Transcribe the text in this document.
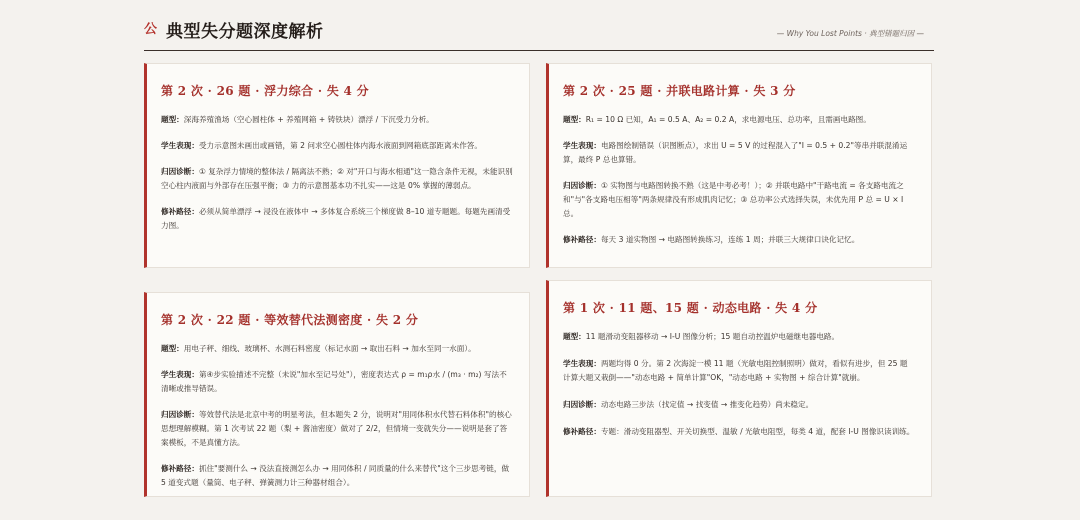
公 典型失分题深度解析	— Why You Lost Points · 典型错题归因 —
第 2 次 · 26 题 · 浮力综合 · 失 4 分
题型：深海养殖渔场（空心圆柱体 + 养殖网箱 + 铸铁块）漂浮 / 下沉受力分析。
学生表现：受力示意图未画出或画错，第 2 问求空心圆柱体内海水液面到网箱底部距离未作答。
归因诊断：① 复杂浮力情境的整体法 / 隔离法不熟；② 对"开口与海水相通"这一隐含条件无视，未能识别空心柱内液面与外部存在压强平衡；③ 力的示意图基本功不扎实——这是 0% 掌握的薄弱点。
修补路径：必须从简单漂浮 → 浸没在液体中 → 多体复合系统三个梯度做 8–10 道专题题。每题先画清受力图。
第 2 次 · 25 题 · 并联电路计算 · 失 3 分
题型：R₁ = 10 Ω 已知，A₁ = 0.5 A、A₂ = 0.2 A，求电源电压、总功率，且需画电路图。
学生表现：电路图绘制错误（识图断点），求出 U = 5 V 的过程混入了"I = 0.5 + 0.2"等串并联混淆运算，最终 P 总也算错。
归因诊断：① 实物图与电路图转换不熟（这是中考必考！）；② 并联电路中"干路电流 = 各支路电流之和"与"各支路电压相等"两条规律没有形成肌肉记忆；③ 总功率公式选择失误，未优先用 P 总 = U × I 总。
修补路径：每天 3 道实物图 → 电路图转换练习，连练 1 周；并联三大规律口诀化记忆。
第 2 次 · 22 题 · 等效替代法测密度 · 失 2 分
题型：用电子秤、细线、玻璃杯、水测石料密度（标记水面 → 取出石料 → 加水至同一水面）。
学生表现：第④步实验描述不完整（未说"加水至记号处"），密度表达式 ρ = m₁ρ水 / (m₃ · m₂) 写法不清晰或推导错误。
归因诊断：等效替代法是北京中考的明星考法，但本题失 2 分，说明对"用同体积水代替石料体积"的核心思想理解模糊。第 1 次考试 22 题（梨 + 酱油密度）做对了 2/2，但情境一变就失分——说明是套了答案模板，不是真懂方法。
修补路径：抓住"要测什么 → 没法直接测怎么办 → 用同体积 / 同质量的什么来替代"这个三步思考链，做 5 道变式题（量筒、电子秤、弹簧测力计三种器材组合）。
第 1 次 · 11 题、15 题 · 动态电路 · 失 4 分
题型：11 题滑动变阻器移动 → I-U 图像分析；15 题自动控温炉电磁继电器电路。
学生表现：两题均得 0 分。第 2 次海淀一模 11 题（光敏电阻控制照明）做对，看似有进步，但 25 题计算大题又栽倒——"动态电路 + 简单计算"OK，"动态电路 + 实物图 + 综合计算"就崩。
归因诊断：动态电路三步法（找定值 → 找变值 → 推变化趋势）尚未稳定。
修补路径：专题：滑动变阻器型、开关切换型、温敏 / 光敏电阻型，每类 4 道，配套 I-U 图像识读训练。
